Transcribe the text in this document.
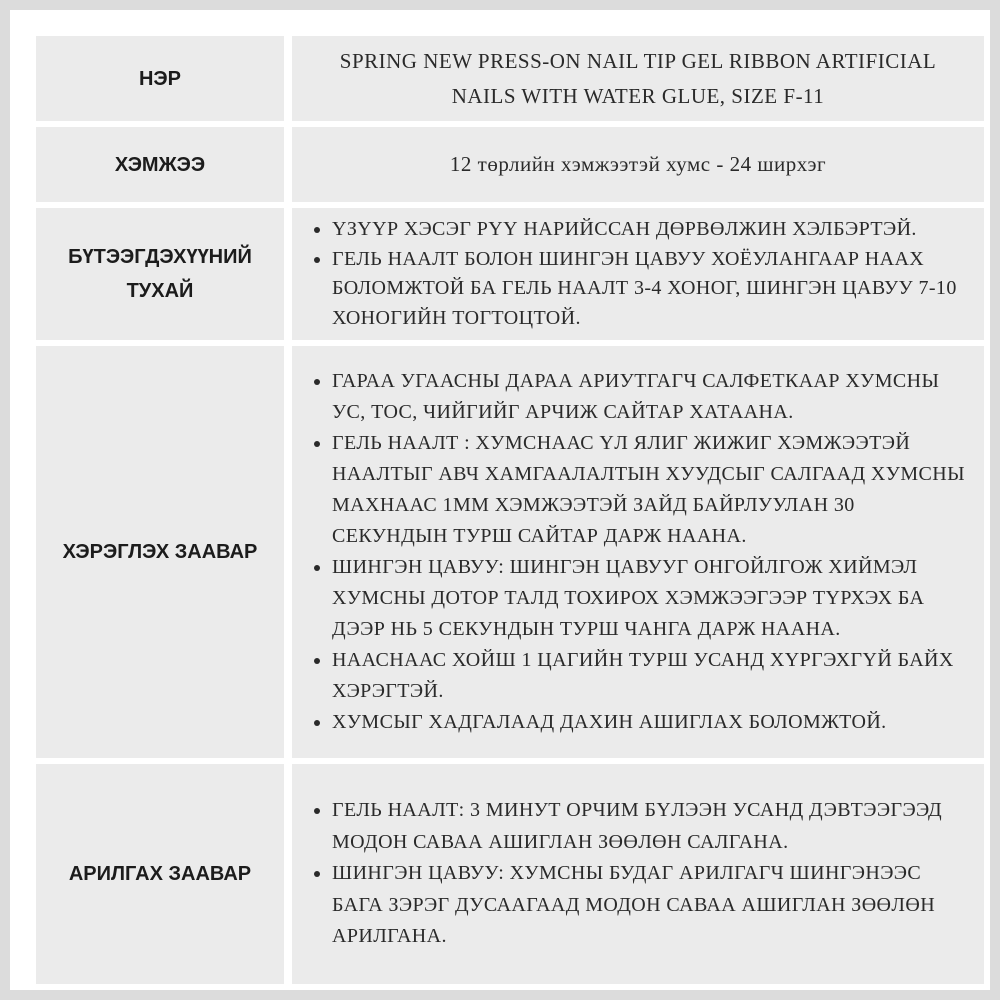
НЭР
SPRING NEW PRESS-ON NAIL TIP GEL RIBBON ARTIFICIAL NAILS WITH WATER GLUE, SIZE F-11
ХЭМЖЭЭ	12 төрлийн хэмжээтэй хумс - 24 ширхэг
БҮТЭЭГДЭХҮҮНИЙ ТУХАЙ
• ҮЗҮҮР ХЭСЭГ РҮҮ НАРИЙССАН ДӨРВӨЛЖИН ХЭЛБЭРТЭЙ.
• ГЕЛЬ НААЛТ БОЛОН ШИНГЭН ЦАВУУ ХОЁУЛАНГААР НААХ БОЛОМЖТОЙ БА ГЕЛЬ НААЛТ 3-4 ХОНОГ, ШИНГЭН ЦАВУУ 7-10 ХОНОГИЙН ТОГТОЦТОЙ.
ХЭРЭГЛЭХ ЗААВАР
• ГАРАА УГААСНЫ ДАРАА АРИУТГАГЧ САЛФЕТКААР ХУМСНЫ УС, ТОС, ЧИЙГИЙГ АРЧИЖ САЙТАР ХАТААНА.
• ГЕЛЬ НААЛТ : ХУМСНААС ҮЛ ЯЛИГ ЖИЖИГ ХЭМЖЭЭТЭЙ НААЛТЫГ АВЧ ХАМГААЛАЛТЫН ХУУДСЫГ САЛГААД ХУМСНЫ МАХНААС 1ММ ХЭМЖЭЭТЭЙ ЗАЙД БАЙРЛУУЛАН 30 СЕКУНДЫН ТУРШ САЙТАР ДАРЖ НААНА.
• ШИНГЭН ЦАВУУ: ШИНГЭН ЦАВУУГ ОНГОЙЛГОЖ ХИЙМЭЛ ХУМСНЫ ДОТОР ТАЛД ТОХИРОХ ХЭМЖЭЭГЭЭР ТҮРХЭХ БА ДЭЭР НЬ 5 СЕКУНДЫН ТУРШ ЧАНГА ДАРЖ НААНА.
• НААСНААС ХОЙШ 1 ЦАГИЙН ТУРШ УСАНД ХҮРГЭХГҮЙ БАЙХ ХЭРЭГТЭЙ.
• ХУМСЫГ ХАДГАЛААД ДАХИН АШИГЛАХ БОЛОМЖТОЙ.
АРИЛГАХ ЗААВАР
• ГЕЛЬ НААЛТ: 3 МИНУТ ОРЧИМ БҮЛЭЭН УСАНД ДЭВТЭЭГЭЭД МОДОН САВАА АШИГЛАН ЗӨӨЛӨН САЛГАНА.
• ШИНГЭН ЦАВУУ: ХУМСНЫ БУДАГ АРИЛГАГЧ ШИНГЭНЭЭС БАГА ЗЭРЭГ ДУСААГААД МОДОН САВАА АШИГЛАН ЗӨӨЛӨН АРИЛГАНА.
